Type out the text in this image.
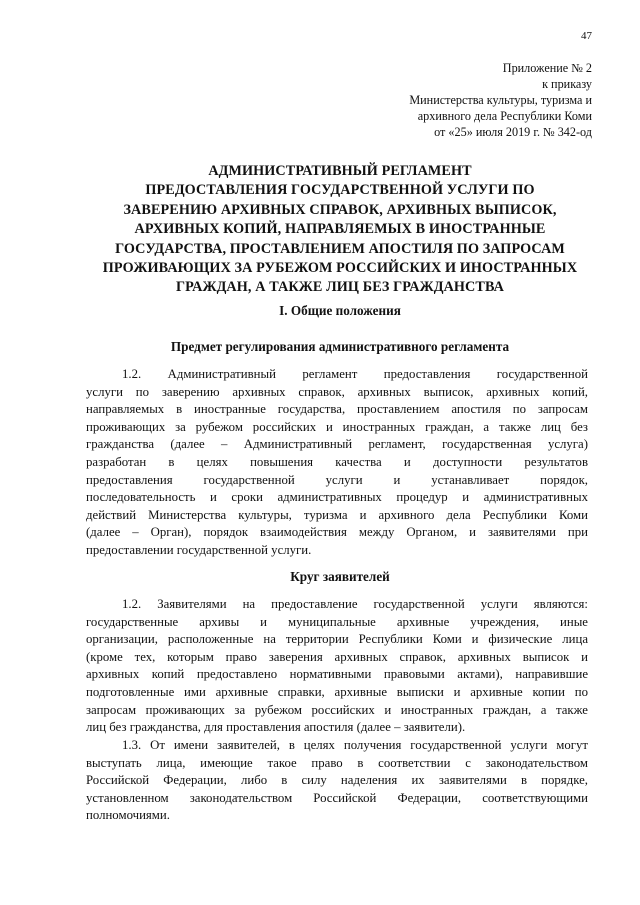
47
Приложение № 2
к приказу
Министерства культуры, туризма и
архивного дела Республики Коми
от «25» июля 2019 г. № 342-од
АДМИНИСТРАТИВНЫЙ РЕГЛАМЕНТ
ПРЕДОСТАВЛЕНИЯ ГОСУДАРСТВЕННОЙ УСЛУГИ ПО
ЗАВЕРЕНИЮ АРХИВНЫХ СПРАВОК, АРХИВНЫХ ВЫПИСОК,
АРХИВНЫХ КОПИЙ, НАПРАВЛЯЕМЫХ В ИНОСТРАННЫЕ
ГОСУДАРСТВА, ПРОСТАВЛЕНИЕМ АПОСТИЛЯ ПО ЗАПРОСАМ
ПРОЖИВАЮЩИХ ЗА РУБЕЖОМ РОССИЙСКИХ И ИНОСТРАННЫХ
ГРАЖДАН, А ТАКЖЕ ЛИЦ БЕЗ ГРАЖДАНСТВА
I. Общие положения
Предмет регулирования административного регламента
1.2. Административный регламент предоставления государственной
услуги по заверению архивных справок, архивных выписок, архивных копий,
направляемых в иностранные государства, проставлением апостиля по запросам
проживающих за рубежом российских и иностранных граждан, а также лиц без
гражданства (далее – Административный регламент, государственная услуга)
разработан в целях повышения качества и доступности результатов
предоставления государственной услуги и устанавливает порядок,
последовательность и сроки административных процедур и административных
действий Министерства культуры, туризма и архивного дела Республики Коми
(далее – Орган), порядок взаимодействия между Органом, и заявителями при
предоставлении государственной услуги.
Круг заявителей
1.2. Заявителями на предоставление государственной услуги являются:
государственные архивы и муниципальные архивные учреждения, иные
организации, расположенные на территории Республики Коми и физические лица
(кроме тех, которым право заверения архивных справок, архивных выписок и
архивных копий предоставлено нормативными правовыми актами), направившие
подготовленные ими архивные справки, архивные выписки и архивные копии по
запросам проживающих за рубежом российских и иностранных граждан, а также
лиц без гражданства, для проставления апостиля (далее – заявители).
1.3. От имени заявителей, в целях получения государственной услуги могут
выступать лица, имеющие такое право в соответствии с законодательством
Российской Федерации, либо в силу наделения их заявителями в порядке,
установленном законодательством Российской Федерации, соответствующими
полномочиями.
